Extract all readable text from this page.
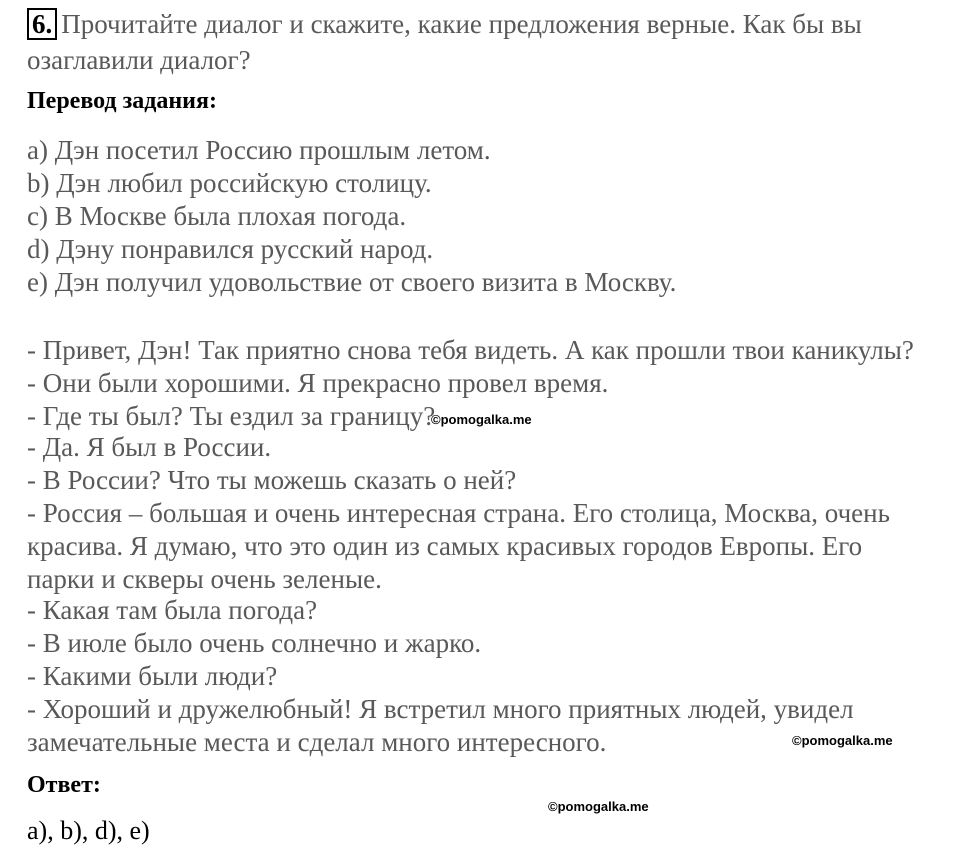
6. Прочитайте диалог и скажите, какие предложения верные. Как бы вы
озаглавили диалог?
Перевод задания:
a) Дэн посетил Россию прошлым летом.
b) Дэн любил российскую столицу.
c) В Москве была плохая погода.
d) Дэну понравился русский народ.
e) Дэн получил удовольствие от своего визита в Москву.
- Привет, Дэн! Так приятно снова тебя видеть. А как прошли твои каникулы?
- Они были хорошими. Я прекрасно провел время.
- Где ты был? Ты ездил за границу?
- Да. Я был в России.
- В России? Что ты можешь сказать о ней?
- Россия – большая и очень интересная страна. Его столица, Москва, очень
красива. Я думаю, что это один из самых красивых городов Европы. Его
парки и скверы очень зеленые.
- Какая там была погода?
- В июле было очень солнечно и жарко.
- Какими были люди?
- Хороший и дружелюбный! Я встретил много приятных людей, увидел
замечательные места и сделал много интересного.
Ответ:
a), b), d), e)
©pomogalka.me
©pomogalka.me
©pomogalka.me
